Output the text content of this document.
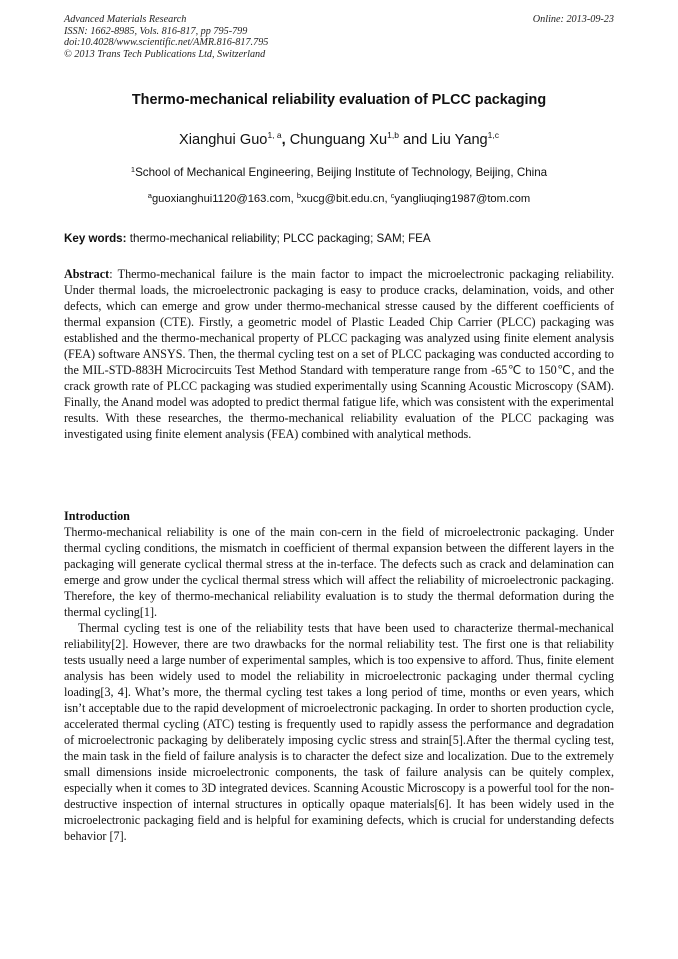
Advanced Materials Research
ISSN: 1662-8985, Vols. 816-817, pp 795-799
doi:10.4028/www.scientific.net/AMR.816-817.795
© 2013 Trans Tech Publications Ltd, Switzerland
Online: 2013-09-23
Thermo-mechanical reliability evaluation of PLCC packaging
Xianghui Guo$^{1, a}$, Chunguang Xu$^{1,b}$ and Liu Yang$^{1,c}$
$^1$School of Mechanical Engineering, Beijing Institute of Technology, Beijing, China
$^a$guoxianghui1120@163.com, $^b$xucg@bit.edu.cn, $^c$yangliuqing1987@tom.com
Key words: thermo-mechanical reliability; PLCC packaging; SAM; FEA

Abstract: Thermo-mechanical failure is the main factor to impact the microelectronic packaging reliability. Under thermal loads, the microelectronic packaging is easy to produce cracks, delamination, voids, and other defects, which can emerge and grow under thermo-mechanical stresse caused by the different coefficients of thermal expansion (CTE). Firstly, a geometric model of Plastic Leaded Chip Carrier (PLCC) packaging was established and the thermo-mechanical property of PLCC packaging was analyzed using finite element analysis (FEA) software ANSYS. Then, the thermal cycling test on a set of PLCC packaging was conducted according to the MIL-STD-883H Microcircuits Test Method Standard with temperature range from -65℃ to 150℃, and the crack growth rate of PLCC packaging was studied experimentally using Scanning Acoustic Microscopy (SAM). Finally, the Anand model was adopted to predict thermal fatigue life, which was consistent with the experimental results. With these researches, the thermo-mechanical reliability evaluation of the PLCC packaging was investigated using finite element analysis (FEA) combined with analytical methods.

Introduction

Thermo-mechanical reliability is one of the main con-cern in the field of microelectronic packaging. Under thermal cycling conditions, the mismatch in coefficient of thermal expansion between the different layers in the packaging will generate cyclical thermal stress at the in-terface. The defects such as crack and delamination can emerge and grow under the cyclical thermal stress which will affect the reliability of microelectronic packaging. Therefore, the key of thermo-mechanical reliability evaluation is to study the thermal deformation during the thermal cycling[1].

Thermal cycling test is one of the reliability tests that have been used to characterize thermal-mechanical reliability[2]. However, there are two drawbacks for the normal reliability test. The first one is that reliability tests usually need a large number of experimental samples, which is too expensive to afford. Thus, finite element analysis has been widely used to model the reliability in microelectronic packaging under thermal cycling loading[3, 4]. What’s more, the thermal cycling test takes a long period of time, months or even years, which isn’t acceptable due to the rapid development of microelectronic packaging. In order to shorten production cycle, accelerated thermal cycling (ATC) testing is frequently used to rapidly assess the performance and degradation of microelectronic packaging by deliberately imposing cyclic stress and strain[5].After the thermal cycling test, the main task in the field of failure analysis is to character the defect size and localization. Due to the extremely small dimensions inside microelectronic components, the task of failure analysis can be quitely complex, especially when it comes to 3D integrated devices. Scanning Acoustic Microscopy is a powerful tool for the non-destructive inspection of internal structures in optically opaque materials[6]. It has been widely used in the microelectronic packaging field and is helpful for examining defects, which is crucial for understanding defects behavior [7].
